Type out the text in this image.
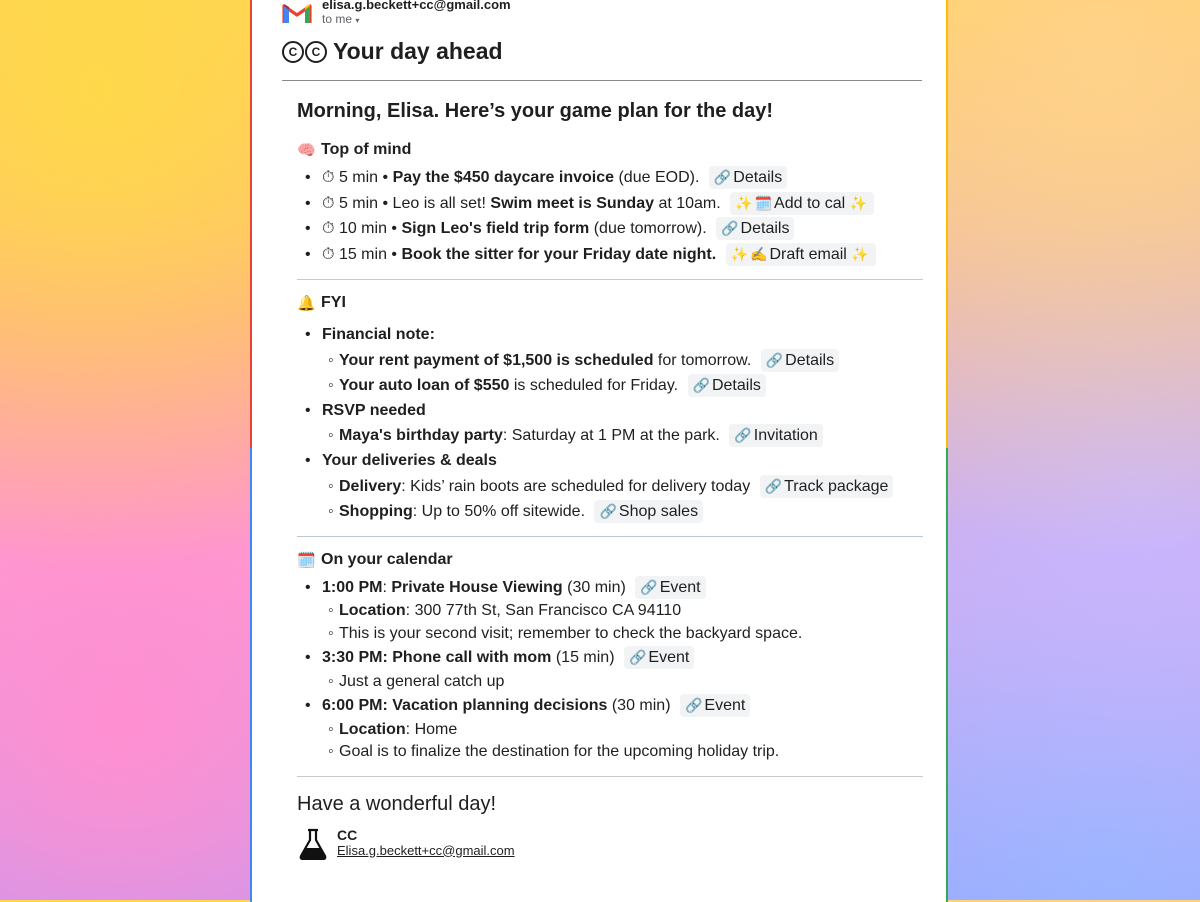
elisa.g.beckett+cc@gmail.com
to me ▾
C	C Your day ahead
Morning, Elisa. Here’s your game plan for the day!
🧠 Top of mind
• ⏱ 5 min • Pay the $450 daycare invoice (due EOD). 🔗 Details
• ⏱ 5 min • Leo is all set! Swim meet is Sunday at 10am. ✨ 🗓️ Add to cal ✨
• ⏱ 10 min • Sign Leo's field trip form (due tomorrow). 🔗 Details
• ⏱ 15 min • Book the sitter for your Friday date night. ✨ ✍️ Draft email ✨
🔔 FYI
• Financial note:
◦ Your rent payment of $1,500 is scheduled for tomorrow. 🔗 Details
◦ Your auto loan of $550 is scheduled for Friday. 🔗 Details
• RSVP needed
◦ Maya's birthday party: Saturday at 1 PM at the park. 🔗 Invitation
• Your deliveries & deals
◦ Delivery: Kids’ rain boots are scheduled for delivery today 🔗 Track package
◦ Shopping: Up to 50% off sitewide. 🔗 Shop sales
🗓️ On your calendar
• 1:00 PM: Private House Viewing (30 min) 🔗 Event
◦ Location: 300 77th St, San Francisco CA 94110
◦ This is your second visit; remember to check the backyard space.
• 3:30 PM: Phone call with mom (15 min) 🔗 Event
◦ Just a general catch up
• 6:00 PM: Vacation planning decisions (30 min) 🔗 Event
◦ Location: Home
◦ Goal is to finalize the destination for the upcoming holiday trip.
Have a wonderful day!
CC
Elisa.g.beckett+cc@gmail.com
